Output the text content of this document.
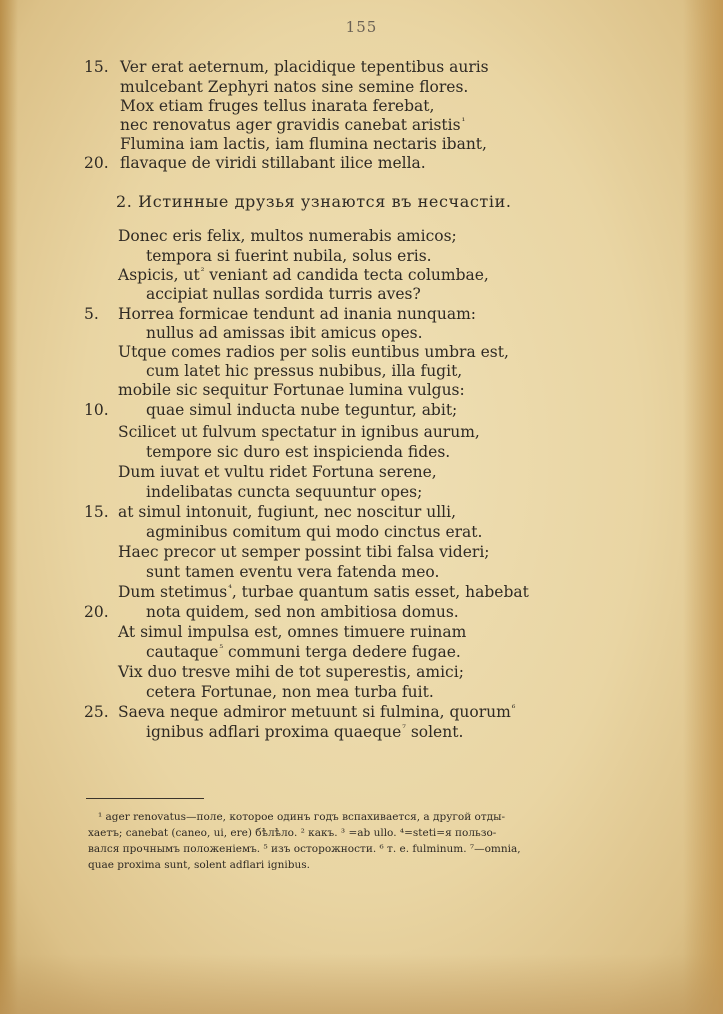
155
15. Ver erat aeternum, placidique tepentibus auris
mulcebant Zephyri natos sine semine flores.
Mox etiam fruges tellus inarata ferebat,
nec renovatus ager gravidis canebat aristis$^{^1}$
Flumina iam lactis, iam flumina nectaris ibant,
20. flavaque de viridi stillabant ilice mella.
2. Истинные друзья узнаются въ несчастіи.
Donec eris felix, multos numerabis amicos;
tempora si fuerint nubila, solus eris.
Aspicis, $ut^{^2}$ veniant ad candida tecta columbae,
accipiat nullas sordida turris aves?
5. Horrea formicae tendunt ad inania nunquam:
nullus ad amissas ibit amicus opes.
Utque comes radios per solis euntibus umbra est,
cum latet hic pressus nubibus, illa fugit,
mobile sic sequitur Fortunae lumina vulgus:
10. quae simul inducta nube teguntur, abit;
Scilicet ut fulvum spectatur in ignibus aurum,
tempore sic duro est inspicienda fides.
Dum iuvat et vultu ridet Fortuna serene,
indelibatas cuncta sequuntur opes;
15. at simul intonuit, fugiunt, nec noscitur ulli,
agminibus comitum qui modo cinctus erat.
Haec precor ut semper possint tibi falsa videri;
sunt tamen eventu vera fatenda meo.
Dum stetimus$^{^4}$, turbae quantum satis esset, habebat
20. nota quidem, sed non ambitiosa domus.
At simul impulsa est, omnes timuere ruinam
cautaque$^{^5}$ communi terga dedere fugae.
Vix duo tresve mihi de tot superestis, amici;
cetera Fortunae, non mea turba fuit.
25. Saeva neque admiror metuunt si fulmina, quorum$^{^6}$
ignibus adflari proxima quaeque$^{^7}$ solent.
¹ ager renovatus—поле, которое одинъ годъ вспахивается, а другой отды-
хаетъ; canebat (caneo, ui, ere) бѣлѣло. ² какъ. ³ =ab ullo. ⁴=steti=я пользо-
вался прочнымъ положеніемъ. ⁵ изъ осторожности. ⁶ т. е. fulminum. ⁷—omnia,
quae proxima sunt, solent adflari ignibus.
